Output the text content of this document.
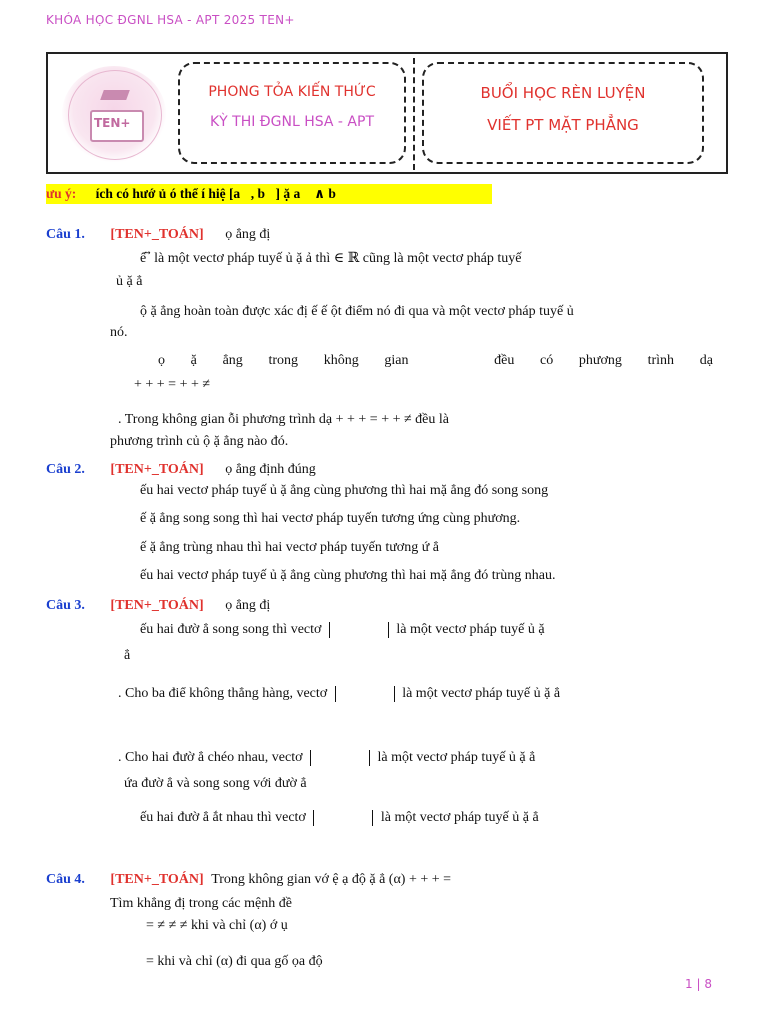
KHÓA HỌC ĐGNL HSA - APT 2025 TEN+
TEN+
PHONG TỎA KIẾN THỨC
KỲ THI ĐGNL HSA - APT
BUỔI HỌC RÈN LUYỆN
VIẾT PT MẶT PHẲNG
ưu ý: ích có hướ ủ ó thể í hiệ [a⃗, b⃗] ặ a⃗ ∧ b⃗
Câu 1. [TEN+_TOÁN] ọ ẳng đị
ế ⃗ là một vectơ pháp tuyế ủ ặ ả thì ∈ ℝ cũng là một vectơ pháp tuyế
ủ ặ ẳ
ộ ặ ẳng hoàn toàn được xác đị ế ế ột điểm nó đi qua và một vectơ pháp tuyế ủ
nó.
ọ ặ ẳng trong không gian	đều có phương trình dạ
+ + + = + + ≠
. Trong không gian ỗi phương trình dạ + + + = + + ≠ đều là
phương trình củ ộ ặ ẳng nào đó.
Câu 2. [TEN+_TOÁN] ọ ẳng định đúng
ếu hai vectơ pháp tuyế ủ ặ ẳng cùng phương thì hai mặ ẳng đó song song
ế ặ ẳng song song thì hai vectơ pháp tuyến tương ứng cùng phương.
ế ặ ẳng trùng nhau thì hai vectơ pháp tuyến tương ứ ẳ
ếu hai vectơ pháp tuyế ủ ặ ẳng cùng phương thì hai mặ ẳng đó trùng nhau.
Câu 3. [TEN+_TOÁN] ọ ẳng đị
ếu hai đườ ẳ song song thì vectơ	là một vectơ pháp tuyế ủ ặ
ẳ
. Cho ba điể không thẳng hàng, vectơ	là một vectơ pháp tuyế ủ ặ ẳ
. Cho hai đườ ẳ chéo nhau, vectơ	là một vectơ pháp tuyế ủ ặ ẳ
ứa đườ ẳ và song song với đườ ẳ
ếu hai đườ ẳ ắt nhau thì vectơ	là một vectơ pháp tuyế ủ ặ ẳ
Câu 4. [TEN+_TOÁN] Trong không gian vớ ệ ạ độ ặ ẳ (α) + + + =
Tìm khẳng đị trong các mệnh đề
= ≠ ≠ ≠ khi và chỉ (α) ớ ụ
= khi và chỉ (α) đi qua gố ọa độ
1 | 8
